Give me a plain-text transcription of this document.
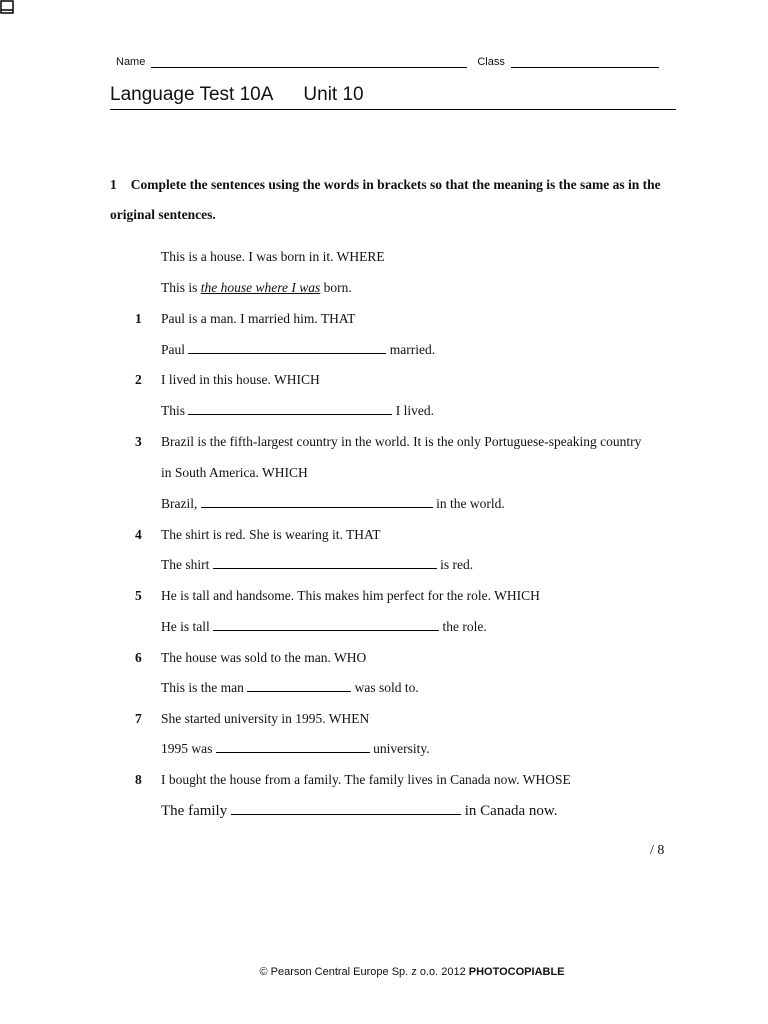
Name	Class
Language Test 10A Unit 10
1 Complete the sentences using the words in brackets so that the meaning is the same as in the original sentences.
This is a house. I was born in it. WHERE
This is the house where I was born.
1 Paul is a man. I married him. THAT
Paul	married.
2 I lived in this house. WHICH
This	I lived.
3 Brazil is the fifth-largest country in the world. It is the only Portuguese-speaking country
in South America. WHICH
Brazil,	in the world.
4 The shirt is red. She is wearing it. THAT
The shirt	is red.
5 He is tall and handsome. This makes him perfect for the role. WHICH
He is tall	the role.
6 The house was sold to the man. WHO
This is the man	was sold to.
7 She started university in 1995. WHEN
1995 was	university.
8 I bought the house from a family. The family lives in Canada now. WHOSE
The family	in Canada now.
/ 8
© Pearson Central Europe Sp. z o.o. 2012 PHOTOCOPIABLE
